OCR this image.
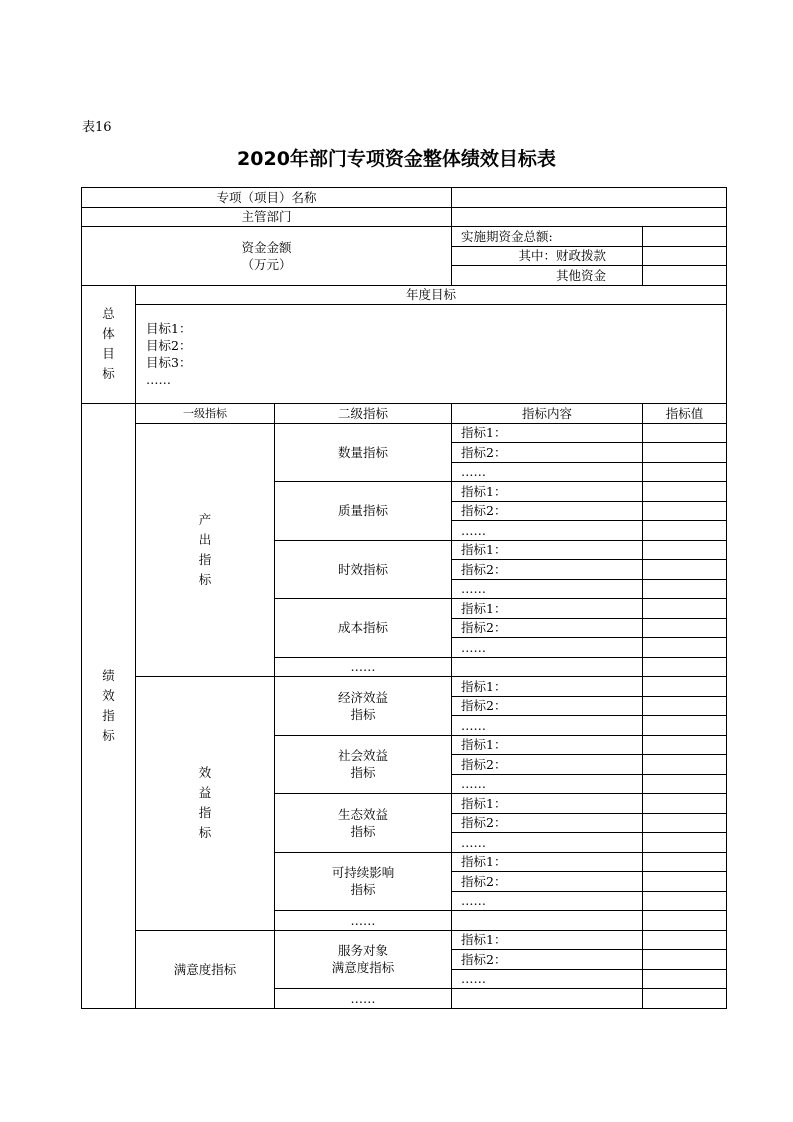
表16
2020年部门专项资金整体绩效目标表
专项（项目）名称				
主管部门				

资金金额
（万元）			实施期资金总额:	
			其中：财政拨款	
			其他资金	

总体目标	年度目标			

	目标1：
目标2：
目标3：
……			

绩效指标	一级指标	二级指标	指标内容	指标值

	产出指标	数量指标	指标1：	
			指标2：	
			……	
		质量指标	指标1：	
			指标2：	
			……	
		时效指标	指标1：	
			指标2：	
			……	
		成本指标	指标1：	
			指标2：	
			……	
		……		

	效益指标	经济效益
指标	指标1：	
			指标2：	
			……	

		社会效益
指标	指标1：	
			指标2：	
			……	

		生态效益
指标	指标1：	
			指标2：	
			……	

		可持续影响
指标	指标1：	
			指标2：	
			……	
		……		
	满意度指标	服务对象
满意度指标	指标1：	
			指标2：	
			……	
		……		
